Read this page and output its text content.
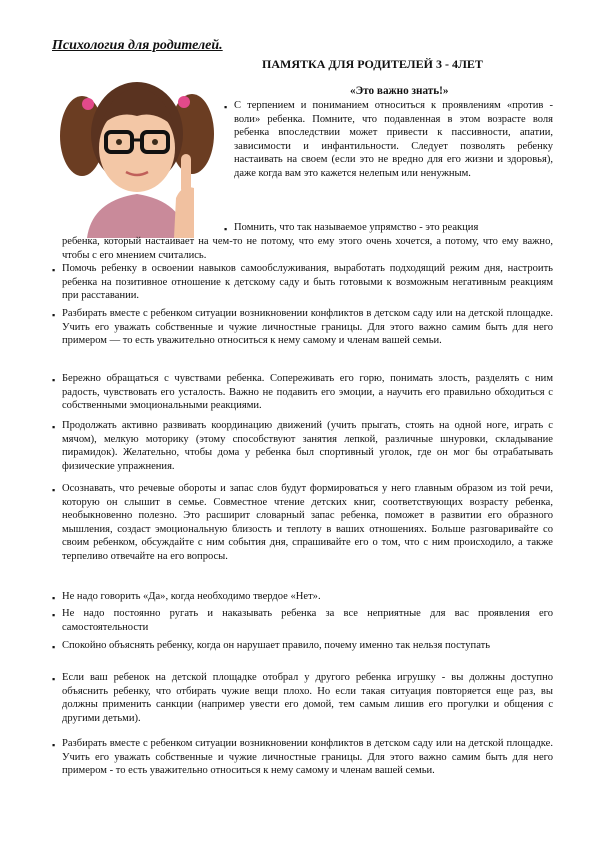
Психология для родителей.
ПАМЯТКА ДЛЯ РОДИТЕЛЕЙ 3 - 4ЛЕТ
«Это важно знать!»
▪ С терпением и пониманием относиться к проявлениям «против - воли» ребенка. Помните, что подавленная в этом возрасте воля ребенка впоследствии может привести к пассивности, апатии, зависимости и инфантильности. Следует позволять ребенку настаивать на своем (если это не вредно для его жизни и здоровья), даже когда вам это кажется нелепым или ненужным.

▪ Помнить, что так называемое упрямство - это реакция

ребенка, который настаивает на чем-то не потому, что ему этого очень хочется, а потому, что ему важно, чтобы с его мнением считались.

▪ Помочь ребенку в освоении навыков самообслуживания, выработать подходящий режим дня, настроить ребенка на позитивное отношение к детскому саду и быть готовыми к возможным негативным реакциям при расставании.

▪ Разбирать вместе с ребенком ситуации возникновении конфликтов в детском саду или на детской площадке. Учить его уважать собственные и чужие личностные границы. Для этого важно самим быть для него примером — то есть уважительно относиться к нему самому и членам вашей семьи.

▪ Бережно обращаться с чувствами ребенка. Сопереживать его горю, понимать злость, разделять с ним радость, чувствовать его усталость. Важно не подавить его эмоции, а научить его правильно обходиться с собственными эмоциональными реакциями.

▪ Продолжать активно развивать координацию движений (учить прыгать, стоять на одной ноге, играть с мячом), мелкую моторику (этому способствуют занятия лепкой, различные шнуровки, складывание пирамидок). Желательно, чтобы дома у ребенка был спортивный уголок, где он мог бы отрабатывать физические упражнения.

▪ Осознавать, что речевые обороты и запас слов будут формироваться у него главным образом из той речи, которую он слышит в семье. Совместное чтение детских книг, соответствующих возрасту ребенка, необыкновенно полезно. Это расширит словарный запас ребенка, поможет в развитии его образного мышления, создаст эмоциональную близость и теплоту в ваших отношениях. Больше разговаривайте со своим ребенком, обсуждайте с ним события дня, спрашивайте его о том, что с ним происходило, а также терпеливо отвечайте на его вопросы.

▪ Не надо говорить «Да», когда необходимо твердое «Нет».

▪ Не надо постоянно ругать и наказывать ребенка за все неприятные для вас проявления его самостоятельности

▪ Спокойно объяснять ребенку, когда он нарушает правило, почему именно так нельзя поступать

▪ Если ваш ребенок на детской площадке отобрал у другого ребенка игрушку - вы должны доступно объяснить ребенку, что отбирать чужие вещи плохо. Но если такая ситуация повторяется еще раз, вы должны применить санкции (например увести его домой, тем самым лишив его прогулки и общения с другими детьми).

▪ Разбирать вместе с ребенком ситуации возникновении конфликтов в детском саду или на детской площадке. Учить его уважать собственные и чужие личностные границы. Для этого важно самим быть для него примером - то есть уважительно относиться к нему самому и членам вашей семьи.
